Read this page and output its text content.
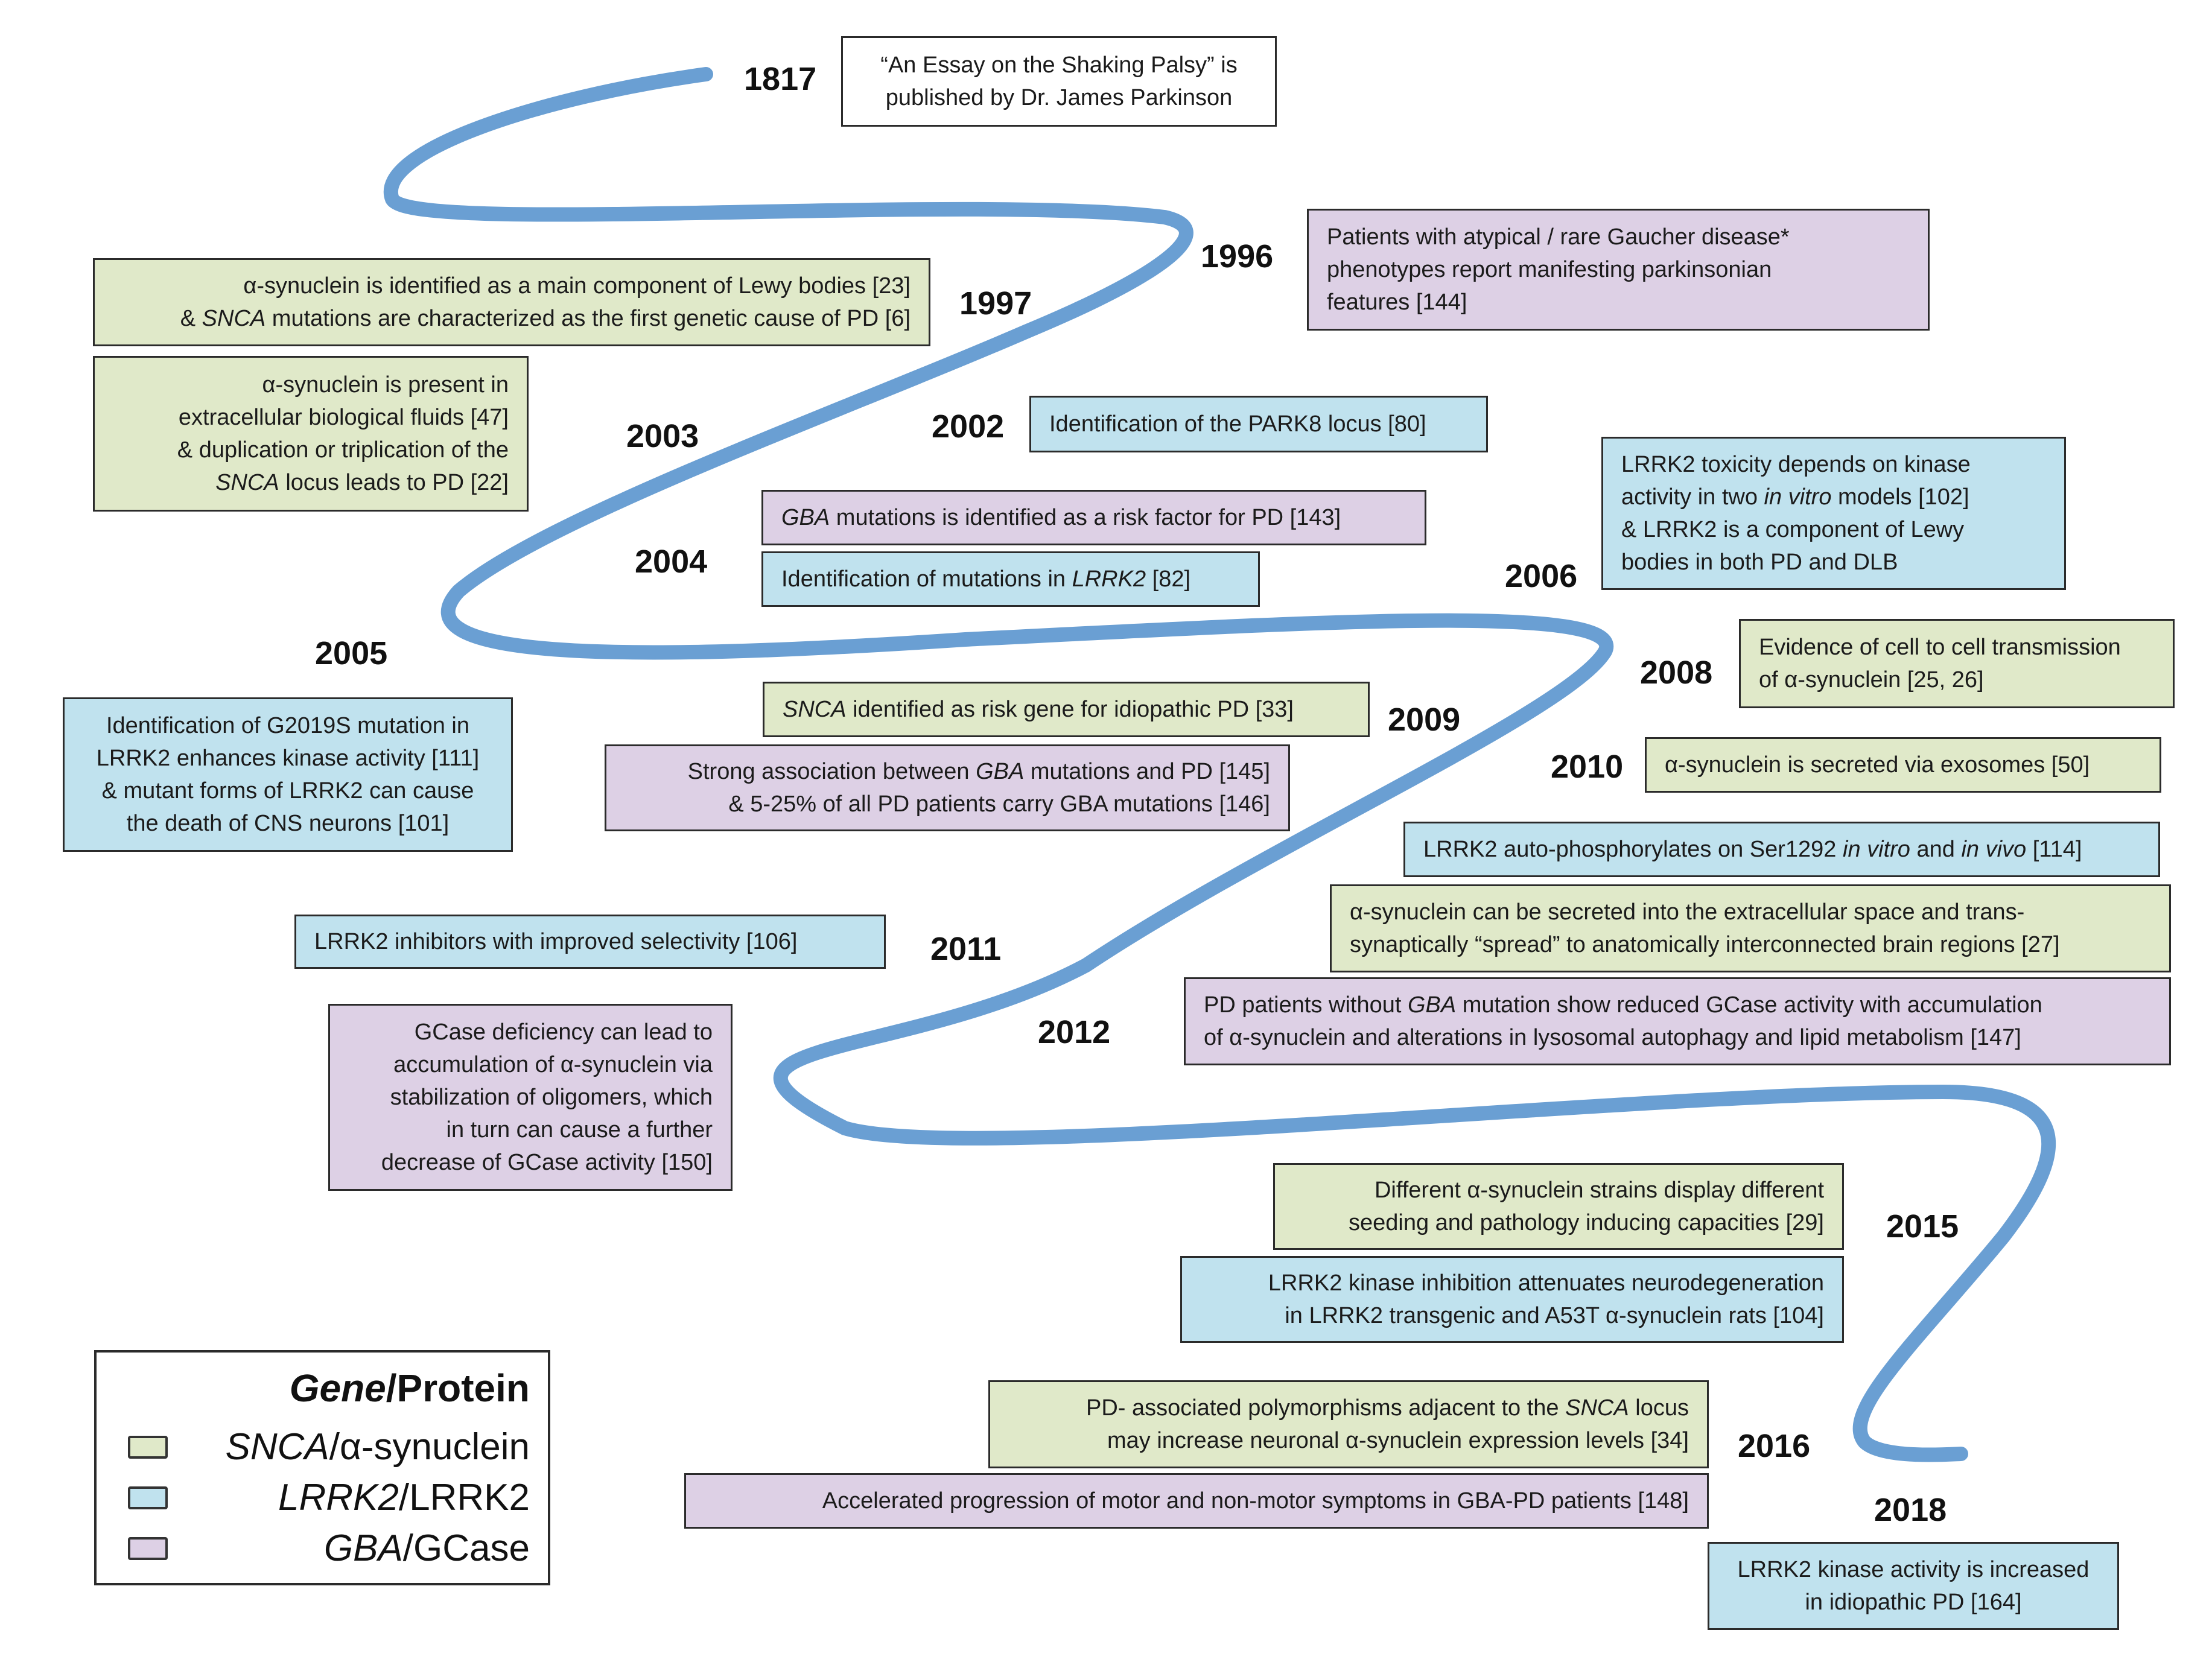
1817
1996
1997
2002
2003
2004
2005
2006
2008
2009
2010
2011
2012
2015
2016
2018
“An Essay on the Shaking Palsy” is
published by Dr. James Parkinson
Patients with atypical / rare Gaucher disease*
phenotypes report manifesting parkinsonian
features [144]
α-synuclein is identified as a main component of Lewy bodies [23]
& SNCA mutations are characterized as the first genetic cause of PD [6]
α-synuclein is present in
extracellular biological fluids [47]
& duplication or triplication of the
SNCA locus leads to PD [22]
Identification of the PARK8 locus [80]
GBA mutations is identified as a risk factor for PD [143]
Identification of mutations in LRRK2 [82]
LRRK2 toxicity depends on kinase
activity in two in vitro models [102]
& LRRK2 is a component of Lewy
bodies in both PD and DLB
Identification of G2019S mutation in
LRRK2 enhances kinase activity [111]
& mutant forms of LRRK2 can cause
the death of CNS neurons [101]
Evidence of cell to cell transmission
of α-synuclein [25, 26]
SNCA identified as risk gene for idiopathic PD [33]
Strong association between GBA mutations and PD [145]
& 5-25% of all PD patients carry GBA mutations [146]
α-synuclein is secreted via exosomes [50]
LRRK2 auto-phosphorylates on Ser1292 in vitro and in vivo [114]
α-synuclein can be secreted into the extracellular space and trans-
synaptically “spread” to anatomically interconnected brain regions [27]
LRRK2 inhibitors with improved selectivity [106]
PD patients without GBA mutation show reduced GCase activity with accumulation
of α-synuclein and alterations in lysosomal autophagy and lipid metabolism [147]
GCase deficiency can lead to
accumulation of α-synuclein via
stabilization of oligomers, which
in turn can cause a further
decrease of GCase activity [150]
Different α-synuclein strains display different
seeding and pathology inducing capacities [29]
LRRK2 kinase inhibition attenuates neurodegeneration
in LRRK2 transgenic and A53T α-synuclein rats [104]
PD- associated polymorphisms adjacent to the SNCA locus
may increase neuronal α-synuclein expression levels [34]
Accelerated progression of motor and non-motor symptoms in GBA-PD patients [148]
LRRK2 kinase activity is increased
in idiopathic PD [164]
Gene/Protein
SNCA/α-synuclein
LRRK2/LRRK2
GBA/GCase
